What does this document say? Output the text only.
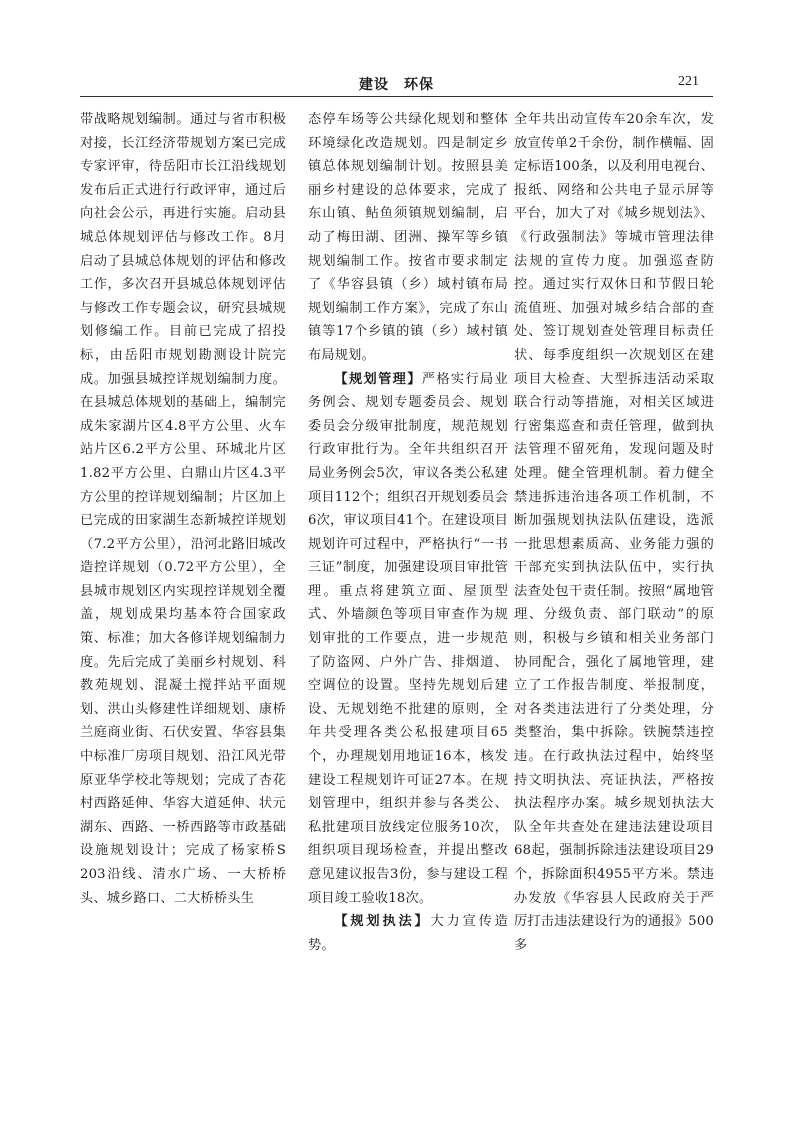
建设　环保	221

带战略规划编制。通过与省市积极对接，长江经济带规划方案已完成专家评审，待岳阳市长江沿线规划发布后正式进行行政评审，通过后向社会公示，再进行实施。启动县城总体规划评估与修改工作。8月启动了县城总体规划的评估和修改工作，多次召开县城总体规划评估与修改工作专题会议，研究县城规划修编工作。目前已完成了招投标，由岳阳市规划勘测设计院完成。加强县城控详规划编制力度。在县城总体规划的基础上，编制完成朱家湖片区4.8平方公里、火车站片区6.2平方公里、环城北片区1.82平方公里、白鼎山片区4.3平方公里的控详规划编制；片区加上已完成的田家湖生态新城控详规划（7.2平方公里），沿河北路旧城改造控详规划（0.72平方公里），全县城市规划区内实现控详规划全覆盖，规划成果均基本符合国家政策、标准；加大各修详规划编制力度。先后完成了美丽乡村规划、科教苑规划、混凝土搅拌站平面规划、洪山头修建性详细规划、康桥兰庭商业街、石伏安置、华容县集中标准厂房项目规划、沿江风光带原亚华学校北等规划；完成了杏花村西路延伸、华容大道延伸、状元湖东、西路、一桥西路等市政基础设施规划设计；完成了杨家桥S 203沿线、清水广场、一大桥桥头、城乡路口、二大桥桥头生

态停车场等公共绿化规划和整体环境绿化改造规划。四是制定乡镇总体规划编制计划。按照县美丽乡村建设的总体要求，完成了东山镇、鲇鱼须镇规划编制，启动了梅田湖、团洲、操军等乡镇规划编制工作。按省市要求制定了《华容县镇（乡）域村镇布局规划编制工作方案》，完成了东山镇等17个乡镇的镇（乡）域村镇布局规划。

【规划管理】严格实行局业务例会、规划专题委员会、规划委员会分级审批制度，规范规划行政审批行为。全年共组织召开局业务例会5次，审议各类公私建项目112个；组织召开规划委员会6次，审议项目41个。在建设项目规划许可过程中，严格执行“一书三证”制度，加强建设项目审批管理。重点将建筑立面、屋顶型式、外墙颜色等项目审查作为规划审批的工作要点，进一步规范了防盗网、户外广告、排烟道、空调位的设置。坚持先规划后建设、无规划绝不批建的原则，全年共受理各类公私报建项目65个，办理规划用地证16本，核发建设工程规划许可证27本。在规划管理中，组织并参与各类公、私批建项目放线定位服务10次，组织项目现场检查，并提出整改意见建议报告3份，参与建设工程项目竣工验收18次。

【规划执法】大力宣传造势。

全年共出动宣传车20余车次，发放宣传单2千余份，制作横幅、固定标语100条，以及利用电视台、报纸、网络和公共电子显示屏等平台，加大了对《城乡规划法》、《行政强制法》等城市管理法律法规的宣传力度。加强巡查防控。通过实行双休日和节假日轮流值班、加强对城乡结合部的查处、签订规划查处管理目标责任状、每季度组织一次规划区在建项目大检查、大型拆违活动采取联合行动等措施，对相关区域进行密集巡查和责任管理，做到执法管理不留死角，发现问题及时处理。健全管理机制。着力健全禁违拆违治违各项工作机制，不断加强规划执法队伍建设，选派一批思想素质高、业务能力强的干部充实到执法队伍中，实行执法查处包干责任制。按照“属地管理、分级负责、部门联动”的原则，积极与乡镇和相关业务部门协同配合，强化了属地管理，建立了工作报告制度、举报制度，对各类违法进行了分类处理，分类整治，集中拆除。铁腕禁违控违。在行政执法过程中，始终坚持文明执法、亮证执法，严格按执法程序办案。城乡规划执法大队全年共查处在建违法建设项目68起，强制拆除违法建设项目29个，拆除面积4955平方米。禁违办发放《华容县人民政府关于严厉打击违法建设行为的通报》500多
